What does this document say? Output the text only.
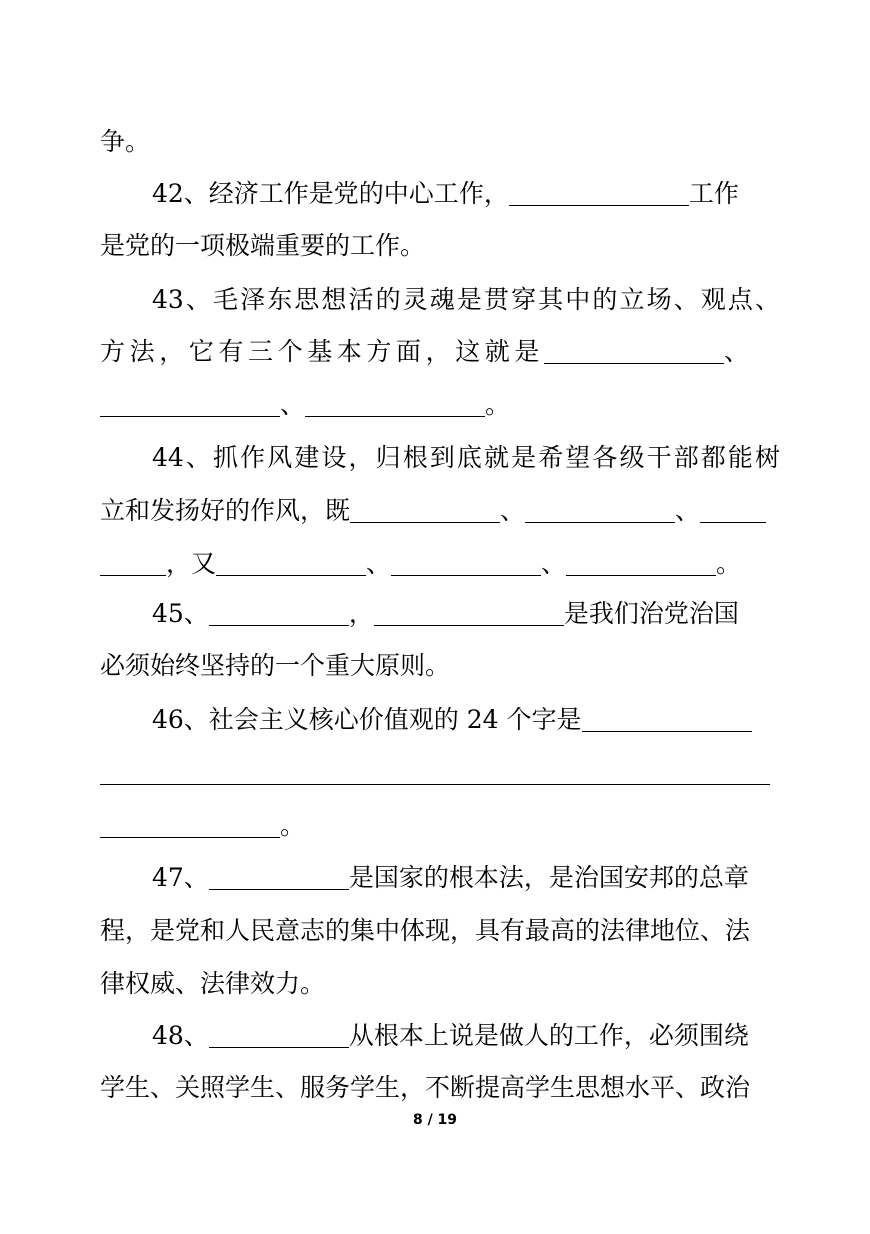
争。
42、经济工作是党的中心工作，	工作
是党的一项极端重要的工作。
43、毛泽东思想活的灵魂是贯穿其中的立场、观点、
方法，它有三个基本方面，这就是	、
、	。
44、抓作风建设，归根到底就是希望各级干部都能树
立和发扬好的作风，既	、	、
，又	、	、	。
45、	，	是我们治党治国
必须始终坚持的一个重大原则。
46、社会主义核心价值观的 24 个字是
。
47、	是国家的根本法，是治国安邦的总章
程，是党和人民意志的集中体现，具有最高的法律地位、法
律权威、法律效力。
48、	从根本上说是做人的工作，必须围绕
学生、关照学生、服务学生，不断提高学生思想水平、政治
8 / 19
